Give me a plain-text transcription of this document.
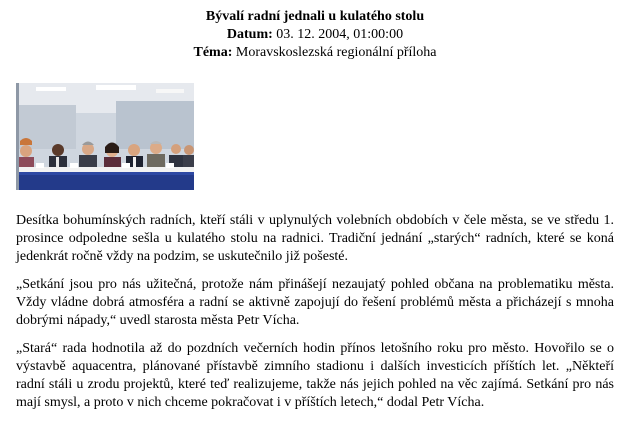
Bývalí radní jednali u kulatého stolu
Datum: 03. 12. 2004, 01:00:00
Téma: Moravskoslezská regionální příloha

Desítka bohumínských radních, kteří stáli v uplynulých volebních obdobích v čele města, se ve středu 1. prosince odpoledne sešla u kulatého stolu na radnici. Tradiční jednání „starých“ radních, které se koná jedenkrát ročně vždy na podzim, se uskutečnilo již pošesté.

„Setkání jsou pro nás užitečná, protože nám přinášejí nezaujatý pohled občana na problematiku města. Vždy vládne dobrá atmosféra a radní se aktivně zapojují do řešení problémů města a přicházejí s mnoha dobrými nápady,“ uvedl starosta města Petr Vícha.

„Stará“ rada hodnotila až do pozdních večerních hodin přínos letošního roku pro město. Hovořilo se o výstavbě aquacentra, plánované přístavbě zimního stadionu i dalších investicích příštích let. „Někteří radní stáli u zrodu projektů, které teď realizujeme, takže nás jejich pohled na věc zajímá. Setkání pro nás mají smysl, a proto v nich chceme pokračovat i v příštích letech,“ dodal Petr Vícha.
